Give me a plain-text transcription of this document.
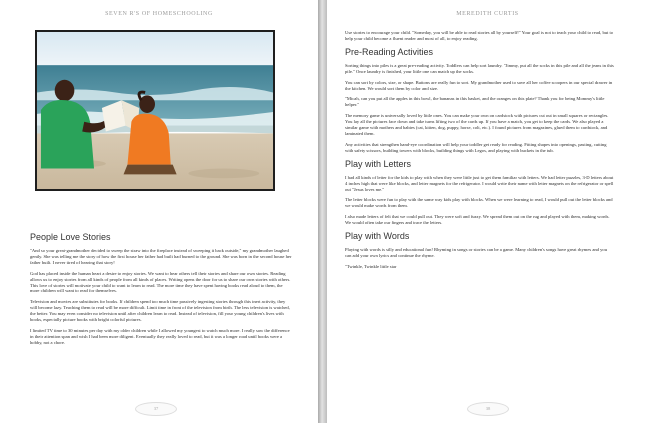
SEVEN R'S OF HOMESCHOOLING
People Love Stories

"And so your great-grandmother decided to sweep the straw into the fireplace instead of sweeping it back outside," my grandmother laughed gently. She was telling me the story of how the first house her father had built had burned to the ground. She was born in the second house her father built. I never tired of hearing that story!

God has placed inside the human heart a desire to enjoy stories. We want to hear others tell their stories and share our own stories. Reading allows us to enjoy stories from all kinds of people from all kinds of places. Writing opens the door for us to share our own stories with others. This love of stories will motivate your child to want to learn to read. The more time they have spent having books read aloud to them, the more children will want to read for themselves.

Television and movies are substitutes for books. If children spend too much time passively ingesting stories through this inert activity, they will become lazy. Teaching them to read will be more difficult. Limit time in front of the television from birth. The less television is watched, the better. You may even consider no television until after children learn to read. Instead of television, fill your young children's lives with books, especially picture books with bright colorful pictures.

I limited TV time to 30 minutes per day with my older children while I allowed my youngest to watch much more. I really saw the difference in their attention span and wish I had been more diligent. Eventually they really loved to read, but it was a longer road until books were a hobby, not a chore.

37
MEREDITH CURTIS
38

Use stories to encourage your child. "Someday, you will be able to read stories all by yourself!" Your goal is not to teach your child to read, but to help your child become a fluent reader and most of all, to enjoy reading.

Pre-Reading Activities

Sorting things into piles is a great pre-reading activity. Toddlers can help sort laundry. "Jimmy, put all the socks in this pile and all the jeans in this pile." Once laundry is finished, your little one can match up the socks.

You can sort by colors, size, or shape. Buttons are really fun to sort. My grandmother used to save all her coffee scoopers in our special drawer in the kitchen. We would sort them by color and size.

"Micah, can you put all the apples in this bowl, the bananas in this basket, and the oranges on this plate? Thank you for being Mommy's little helper."

The memory game is universally loved by little ones. You can make your own on cardstock with pictures cut out in small squares or rectangles. You lay all the pictures face down and take turns lifting two of the cards up. If you have a match, you get to keep the cards. We also played a similar game with mothers and babies (cat, kitten, dog, puppy, horse, colt, etc.). I found pictures from magazines, glued them to cardstock, and laminated them.

Any activities that strengthen hand-eye coordination will help your toddler get ready for reading. Fitting shapes into openings, pasting, cutting with safety scissors, building towers with blocks, building things with Legos, and playing with buckets in the tub.

Play with Letters

I had all kinds of letter for the kids to play with when they were little just to get them familiar with letters. We had letter puzzles, 3-D letters about 4 inches high that were like blocks, and letter magnets for the refrigerator. I would write their name with letter magnets on the refrigerator or spell out "Jesus loves me."

The letter blocks were fun to play with the same way kids play with blocks. When we were learning to read, I would pull out the letter blocks and we would make words from them.

I also made letters of felt that we could pull out. They were soft and fuzzy. We spread them out on the rug and played with them, making words. We would often take our fingers and trace the letters.

Play with Words

Playing with words is silly and educational fun! Rhyming in songs or stories can be a game. Many children's songs have great rhymes and you can add your own lyrics and continue the rhyme.

"Twinkle, Twinkle little star
